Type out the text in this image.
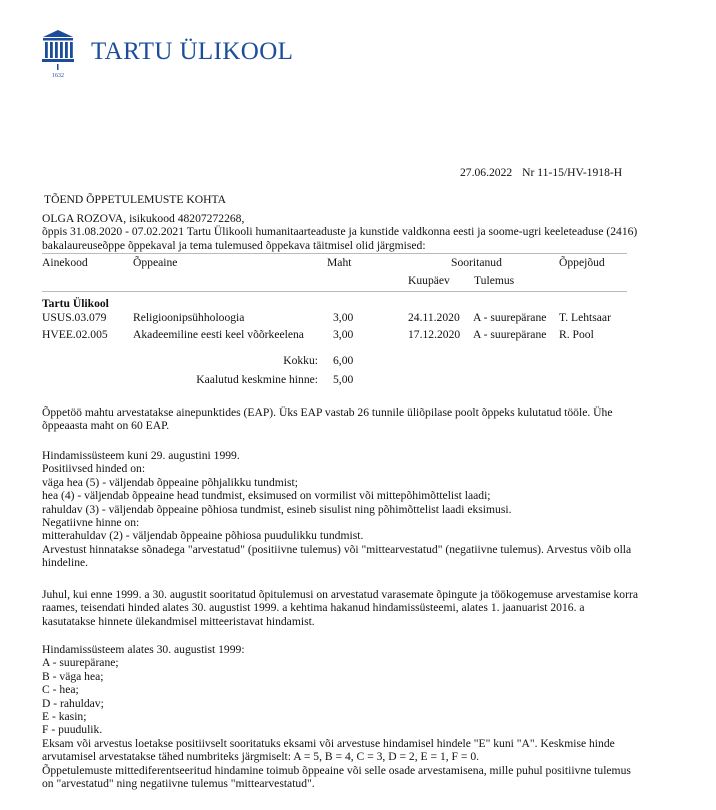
1632
TARTU ÜLIKOOL
27.06.2022 Nr 11-15/HV-1918-H
TÕEND ÕPPETULEMUSTE KOHTA
OLGA ROZOVA, isikukood 48207272268,
õppis 31.08.2020 - 07.02.2021 Tartu Ülikooli humanitaarteaduste ja kunstide valdkonna eesti ja soome-ugri keeleteaduse (2416) bakalaureuseõppe õppekaval ja tema tulemused õppekava täitmisel olid järgmised:
Ainekood	Õppeaine	Maht	Sooritanud	Õppejõud
Kuupäev Tulemus
Tartu Ülikool
USUS.03.079 Religioonipsühholoogia	3,00	24.11.2020 A - suurepärane T. Lehtsaar
HVEE.02.005 Akadeemiline eesti keel võõrkeelena	3,00	17.12.2020 A - suurepärane R. Pool
Kokku: 6,00
Kaalutud keskmine hinne: 5,00
Õppetöö mahtu arvestatakse ainepunktides (EAP). Üks EAP vastab 26 tunnile üliõpilase poolt õppeks kulutatud tööle. Ühe õppeaasta maht on 60 EAP.
Hindamissüsteem kuni 29. augustini 1999.
Positiivsed hinded on:
väga hea (5) - väljendab õppeaine põhjalikku tundmist;
hea (4) - väljendab õppeaine head tundmist, eksimused on vormilist või mittepõhimõttelist laadi;
rahuldav (3) - väljendab õppeaine põhiosa tundmist, esineb sisulist ning põhimõttelist laadi eksimusi.
Negatiivne hinne on:
mitterahuldav (2) - väljendab õppeaine põhiosa puudulikku tundmist.
Arvestust hinnatakse sõnadega "arvestatud" (positiivne tulemus) või "mittearvestatud" (negatiivne tulemus). Arvestus võib olla hindeline.
Juhul, kui enne 1999. a 30. augustit sooritatud õpitulemusi on arvestatud varasemate õpingute ja töökogemuse arvestamise korra raames, teisendati hinded alates 30. augustist 1999. a kehtima hakanud hindamissüsteemi, alates 1. jaanuarist 2016. a kasutatakse hinnete ülekandmisel mitteeristavat hindamist.
Hindamissüsteem alates 30. augustist 1999:
A - suurepärane;
B - väga hea;
C - hea;
D - rahuldav;
E - kasin;
F - puudulik.
Eksam või arvestus loetakse positiivselt sooritatuks eksami või arvestuse hindamisel hindele "E" kuni "A". Keskmise hinde arvutamisel arvestatakse tähed numbriteks järgmiselt: A = 5, B = 4, C = 3, D = 2, E = 1, F = 0.
Õppetulemuste mittediferentseeritud hindamine toimub õppeaine või selle osade arvestamisena, mille puhul positiivne tulemus on "arvestatud" ning negatiivne tulemus "mittearvestatud".
